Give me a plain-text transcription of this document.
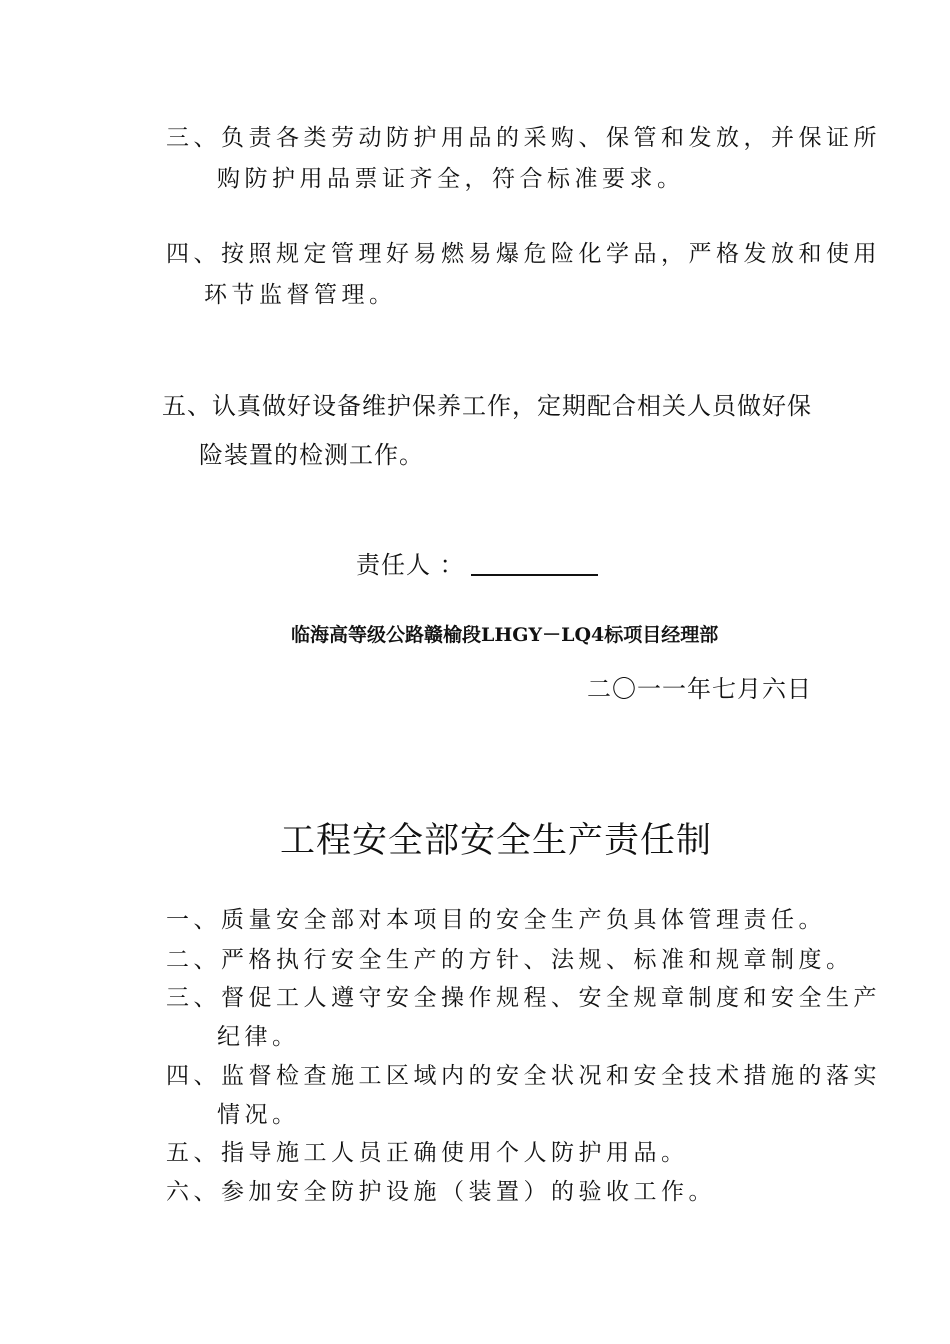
三、负责各类劳动防护用品的采购、保管和发放，并保证所
购防护用品票证齐全，符合标准要求。
四、按照规定管理好易燃易爆危险化学品，严格发放和使用
环节监督管理。
五、认真做好设备维护保养工作，定期配合相关人员做好保
险装置的检测工作。
责任人 ：
临海高等级公路赣榆段LHGY－LQ4标项目经理部
二〇一一年七月六日
工程安全部安全生产责任制
一、质量安全部对本项目的安全生产负具体管理责任。
二、严格执行安全生产的方针、法规、标准和规章制度。
三、督促工人遵守安全操作规程、安全规章制度和安全生产
纪律。
四、监督检查施工区域内的安全状况和安全技术措施的落实
情况。
五、指导施工人员正确使用个人防护用品。
六、参加安全防护设施（装置）的验收工作。
